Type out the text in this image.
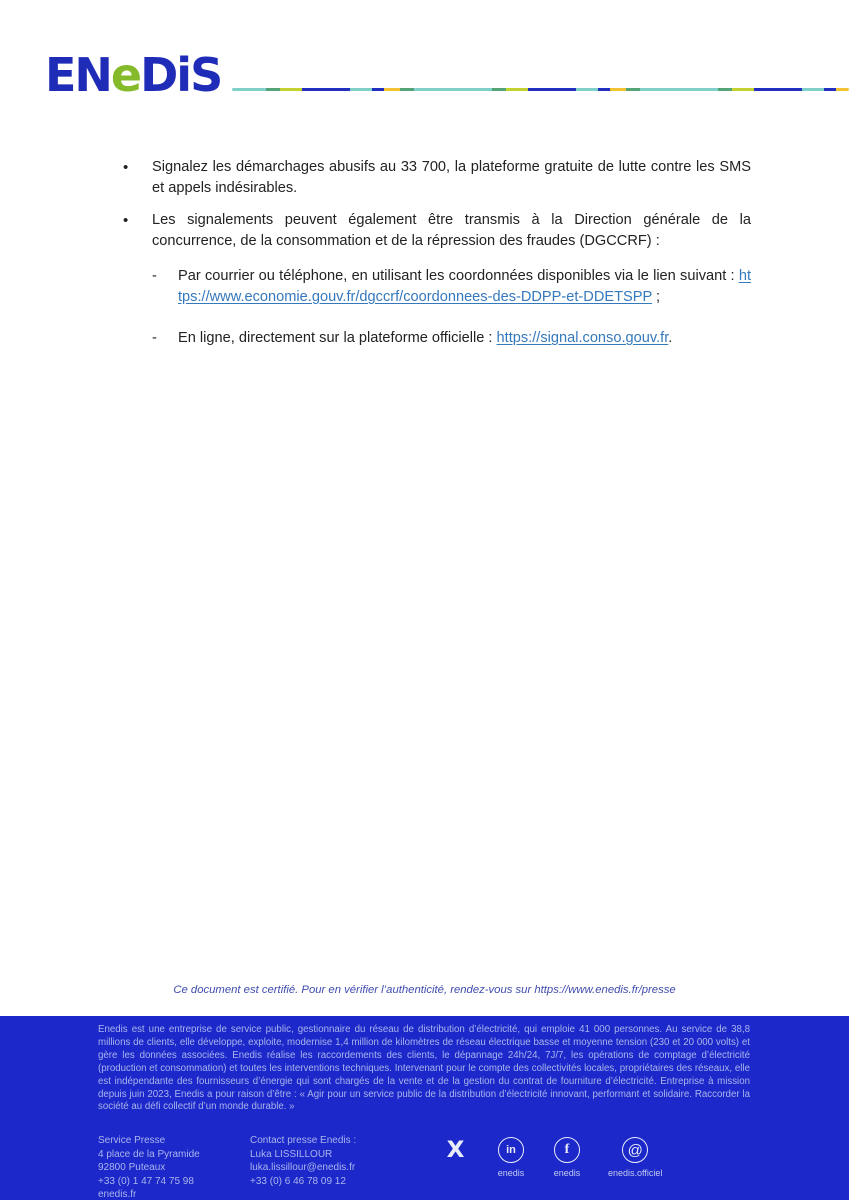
ENeDiS
•	Signalez les démarchages abusifs au 33 700, la plateforme gratuite de lutte contre les SMS et appels indésirables.

•	Les signalements peuvent également être transmis à la Direction générale de la concurrence, de la consommation et de la répression des fraudes (DGCCRF) :

-	Par courrier ou téléphone, en utilisant les coordonnées disponibles via le lien suivant : https://www.economie.gouv.fr/dgccrf/coordonnees-des-DDPP-et-DDETSPP ;

-	En ligne, directement sur la plateforme officielle : https://signal.conso.gouv.fr.

Ce document est certifié. Pour en vérifier l’authenticité, rendez-vous sur https://www.enedis.fr/presse

Enedis est une entreprise de service public, gestionnaire du réseau de distribution d’électricité, qui emploie 41 000 personnes. Au service de 38,8 millions de clients, elle développe, exploite, modernise 1,4 million de kilomètres de réseau électrique basse et moyenne tension (230 et 20 000 volts) et gère les données associées. Enedis réalise les raccordements des clients, le dépannage 24h/24, 7J/7, les opérations de comptage d’électricité (production et consommation) et toutes les interventions techniques. Intervenant pour le compte des collectivités locales, propriétaires des réseaux, elle est indépendante des fournisseurs d’énergie qui sont chargés de la vente et de la gestion du contrat de fourniture d’électricité. Entreprise à mission depuis juin 2023, Enedis a pour raison d’être : « Agir pour un service public de la distribution d’électricité innovant, performant et solidaire. Raccorder la société au défi collectif d’un monde durable. »

Service Presse
4 place de la Pyramide
92800 Puteaux
+33 (0) 1 47 74 75 98
enedis.fr
Contact presse Enedis :
Luka LISSILLOUR
luka.lissillour@enedis.fr
+33 (0) 6 46 78 09 12
X	in
enedis
f
enedis
@
enedis.officiel
